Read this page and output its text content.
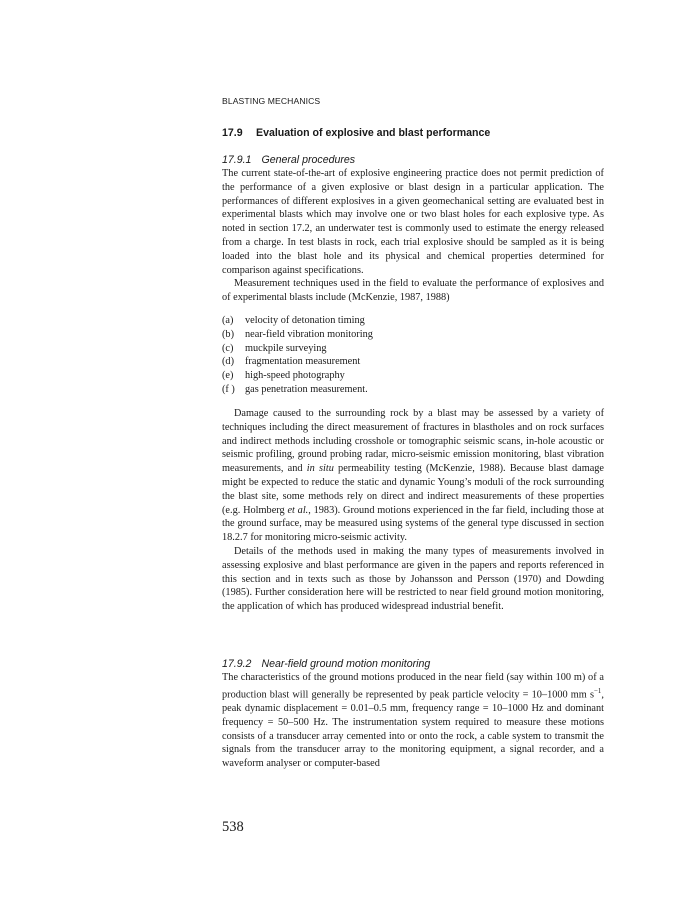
BLASTING MECHANICS
17.9 Evaluation of explosive and blast performance
17.9.1 General procedures

The current state-of-the-art of explosive engineering practice does not permit prediction of the performance of a given explosive or blast design in a particular application. The performances of different explosives in a given geomechanical setting are evaluated best in experimental blasts which may involve one or two blast holes for each explosive type. As noted in section 17.2, an underwater test is commonly used to estimate the energy released from a charge. In test blasts in rock, each trial explosive should be sampled as it is being loaded into the blast hole and its physical and chemical properties determined for comparison against specifications.

Measurement techniques used in the field to evaluate the performance of explosives and of experimental blasts include (McKenzie, 1987, 1988)

(a)	velocity of detonation timing
(b)	near-field vibration monitoring
(c)	muckpile surveying
(d)	fragmentation measurement
(e)	high-speed photography
(f ) gas penetration measurement.

Damage caused to the surrounding rock by a blast may be assessed by a variety of techniques including the direct measurement of fractures in blastholes and on rock surfaces and indirect methods including crosshole or tomographic seismic scans, in-hole acoustic or seismic profiling, ground probing radar, micro-seismic emission monitoring, blast vibration measurements, and in situ permeability testing (McKenzie, 1988). Because blast damage might be expected to reduce the static and dynamic Young’s moduli of the rock surrounding the blast site, some methods rely on direct and indirect measurements of these properties (e.g. Holmberg et al., 1983). Ground motions experienced in the far field, including those at the ground surface, may be measured using systems of the general type discussed in section 18.2.7 for monitoring micro-seismic activity.

Details of the methods used in making the many types of measurements involved in assessing explosive and blast performance are given in the papers and reports referenced in this section and in texts such as those by Johansson and Persson (1970) and Dowding (1985). Further consideration here will be restricted to near field ground motion monitoring, the application of which has produced widespread industrial benefit.

17.9.2 Near-field ground motion monitoring

The characteristics of the ground motions produced in the near field (say within 100 m) of a production blast will generally be represented by peak particle velocity = 10–1000 mm $s^{-1}$, peak dynamic displacement = 0.01–0.5 mm, frequency range = 10–1000 Hz and dominant frequency = 50–500 Hz. The instrumentation system required to measure these motions consists of a transducer array cemented into or onto the rock, a cable system to transmit the signals from the transducer array to the monitoring equipment, a signal recorder, and a waveform analyser or computer-based

538
